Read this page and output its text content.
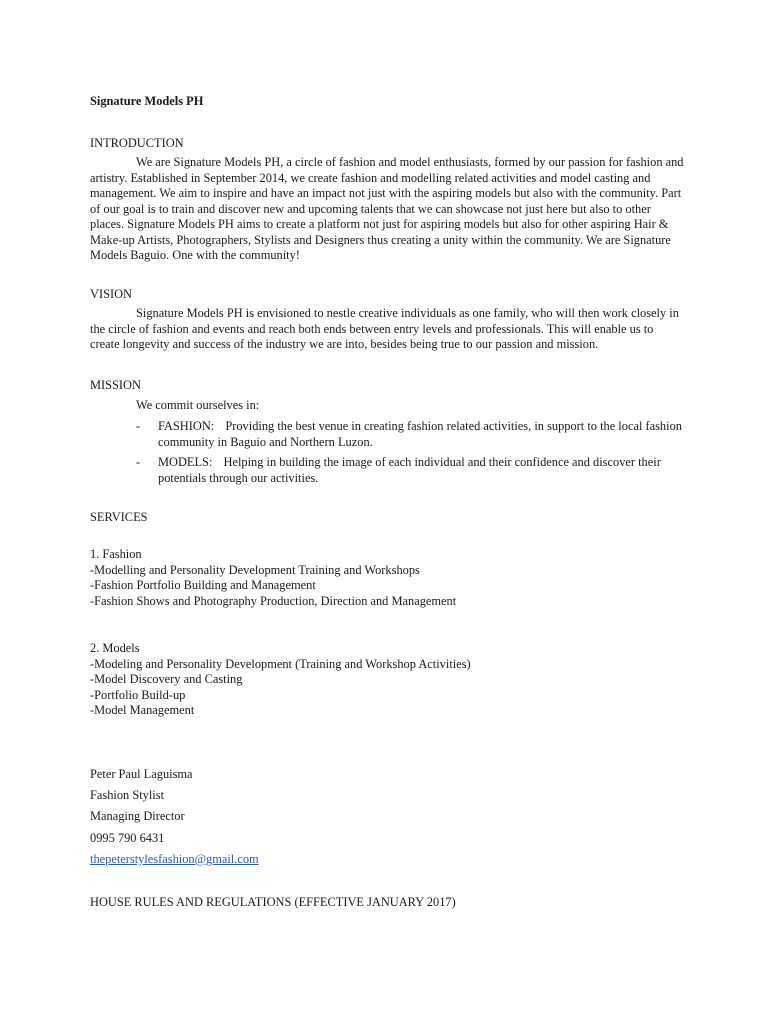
Signature Models PH

INTRODUCTION

We are Signature Models PH, a circle of fashion and model enthusiasts, formed by our passion for fashion and artistry. Established in September 2014, we create fashion and modelling related activities and model casting and management. We aim to inspire and have an impact not just with the aspiring models but also with the community. Part of our goal is to train and discover new and upcoming talents that we can showcase not just here but also to other places. Signature Models PH aims to create a platform not just for aspiring models but also for other aspiring Hair & Make-up Artists, Photographers, Stylists and Designers thus creating a unity within the community. We are Signature Models Baguio. One with the community!

VISION

Signature Models PH is envisioned to nestle creative individuals as one family, who will then work closely in the circle of fashion and events and reach both ends between entry levels and professionals. This will enable us to create longevity and success of the industry we are into, besides being true to our passion and mission.

MISSION

We commit ourselves in:

- FASHION: Providing the best venue in creating fashion related activities, in support to the local fashion community in Baguio and Northern Luzon.
- MODELS: Helping in building the image of each individual and their confidence and discover their potentials through our activities.

SERVICES

1. Fashion
-Modelling and Personality Development Training and Workshops
-Fashion Portfolio Building and Management
-Fashion Shows and Photography Production, Direction and Management
2. Models
-Modeling and Personality Development (Training and Workshop Activities)
-Model Discovery and Casting
-Portfolio Build-up
-Model Management
Peter Paul Laguisma
Fashion Stylist
Managing Director
0995 790 6431
thepeterstylesfashion@gmail.com

HOUSE RULES AND REGULATIONS (EFFECTIVE JANUARY 2017)
